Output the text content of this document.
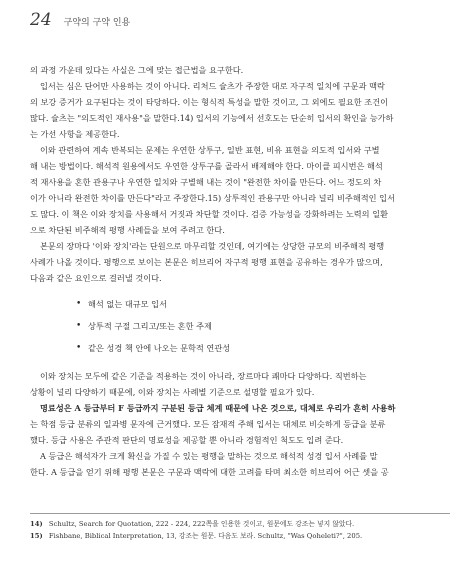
24 구약의 구약 인용
의 과정 가운데 있다는 사실은 그에 맞는 접근법을 요구한다.
입서는 심은 단어만 사용하는 것이 아니다. 리처드 슐츠가 주장한 대로 자구적 일치에 구문과 맥락
의 보강 증거가 요구된다는 것이 타당하다. 이는 형식적 특성을 말한 것이고, 그 외에도 필요한 조건이
많다. 슐츠는 "의도적인 재사용"을 말한다.14) 입서의 기능에서 선호도는 단순히 입서의 확인을 능가하
는 가선 사항을 제공한다.
이와 관련하여 계속 반복되는 문제는 우연한 상투구, 일반 표현, 비유 표현을 의도적 입서와 구별
해 내는 방법이다. 해석적 원용에서도 우연한 상투구를 골라서 배제해야 한다. 마이클 피시번은 해석
적 재사용을 혼한 관용구나 우연한 일치와 구별해 내는 것이 "완전한 차이를 만든다. 어느 정도의 차
이가 아니라 완전한 차이를 만든다"라고 주장한다.15) 상투적인 관용구만 아니라 널리 비주해적인 입서
도 많다. 이 책은 이와 장치를 사용해서 거짓과 차단할 것이다. 검증 가능성을 강화하려는 노력의 일환
으로 차단된 비주해적 평행 사례들을 보여 주려고 한다.
본문의 장마다 '이와 장치'라는 단원으로 마무리할 것인데, 여기에는 상당한 규모의 비주해적 평행
사례가 나올 것이다. 평행으로 보이는 본문은 히브리어 자구적 평행 표현을 공유하는 경우가 많으며,
다음과 같은 요인으로 걸러낼 것이다.
• 해석 없는 대규모 입서
• 상투적 구절 그리고/또는 혼한 주제
• 같은 성경 책 안에 나오는 문학적 연관성
이와 장치는 모두에 같은 기준을 적용하는 것이 아니라, 장르마다 쾌마다 다양하다. 직번하는
상황이 널리 다양하기 때문에, 이와 장치는 사례별 기준으로 설명할 필요가 있다.
명료성은 A 등급부터 F 등급까지 구분된 등급 체계 때문에 나온 것으로, 대체로 우리가 흔히 사용하
는 학점 등급 분류의 일과병 문자에 근거했다. 모든 잠재적 주해 입서는 대체로 비슷하게 등급을 분류
했다. 등급 사용은 주관적 판단의 명료성을 제공할 뿐 아니라 경험적인 척도도 입려 준다.
A 등급은 해석자가 크게 확신을 가질 수 있는 평행을 말하는 것으로 해석적 성경 입서 사례를 말
한다. A 등급을 얻기 위해 평행 본문은 구문과 맥락에 대한 고려를 타며 최소한 히브리어 어근 셋을 공
14) Schultz, Search for Quotation, 222 - 224, 222쪽을 인용한 것이고, 원문에도 강조는 넣지 않았다.
15) Fishbane, Biblical Interpretation, 13, 강조는 원문. 다음도 보라. Schultz, "Was Qoheleti?", 205.
